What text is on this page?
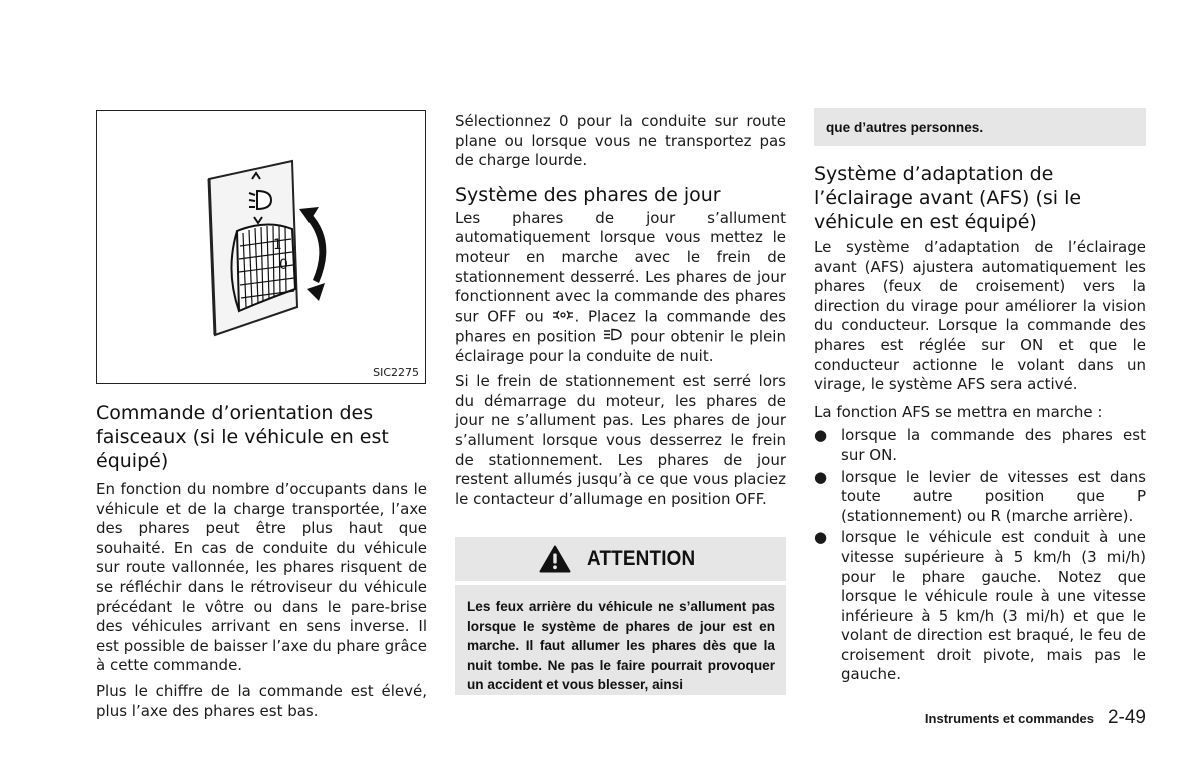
1
0
SIC2275
Commande d’orientation des faisceaux (si le véhicule en est équipé)

En fonction du nombre d’occupants dans le véhicule et de la charge transportée, l’axe des phares peut être plus haut que souhaité. En cas de conduite du véhicule sur route vallonnée, les phares risquent de se réfléchir dans le rétroviseur du véhicule précédant le vôtre ou dans le pare-brise des véhicules arrivant en sens inverse. Il est possible de baisser l’axe du phare grâce à cette commande.

Plus le chiffre de la commande est élevé, plus l’axe des phares est bas.

Sélectionnez 0 pour la conduite sur route plane ou lorsque vous ne transportez pas de charge lourde.

Système des phares de jour

Les phares de jour s’allument automatiquement lorsque vous mettez le moteur en marche avec le frein de stationnement desserré. Les phares de jour fonctionnent avec la commande des phares sur OFF ou . Placez la commande des phares en position pour obtenir le plein éclairage pour la conduite de nuit.

Si le frein de stationnement est serré lors du démarrage du moteur, les phares de jour ne s’allument pas. Les phares de jour s’allument lorsque vous desserrez le frein de stationnement. Les phares de jour restent allumés jusqu’à ce que vous placiez le contacteur d’allumage en position OFF.

ATTENTION

Les feux arrière du véhicule ne s’allument pas lorsque le système de phares de jour est en marche. Il faut allumer les phares dès que la nuit tombe. Ne pas le faire pourrait provoquer un accident et vous blesser, ainsi

que d’autres personnes.

Système d’adaptation de l’éclairage avant (AFS) (si le véhicule en est équipé)

Le système d’adaptation de l’éclairage avant (AFS) ajustera automatiquement les phares (feux de croisement) vers la direction du virage pour améliorer la vision du conducteur. Lorsque la commande des phares est réglée sur ON et que le conducteur actionne le volant dans un virage, le système AFS sera activé.

La fonction AFS se mettra en marche :

● lorsque la commande des phares est sur ON.
● lorsque le levier de vitesses est dans toute autre position que P (stationnement) ou R (marche arrière).
● lorsque le véhicule est conduit à une vitesse supérieure à 5 km/h (3 mi/h) pour le phare gauche. Notez que lorsque le véhicule roule à une vitesse inférieure à 5 km/h (3 mi/h) et que le volant de direction est braqué, le feu de croisement droit pivote, mais pas le gauche.
Instruments et commandes 2-49
